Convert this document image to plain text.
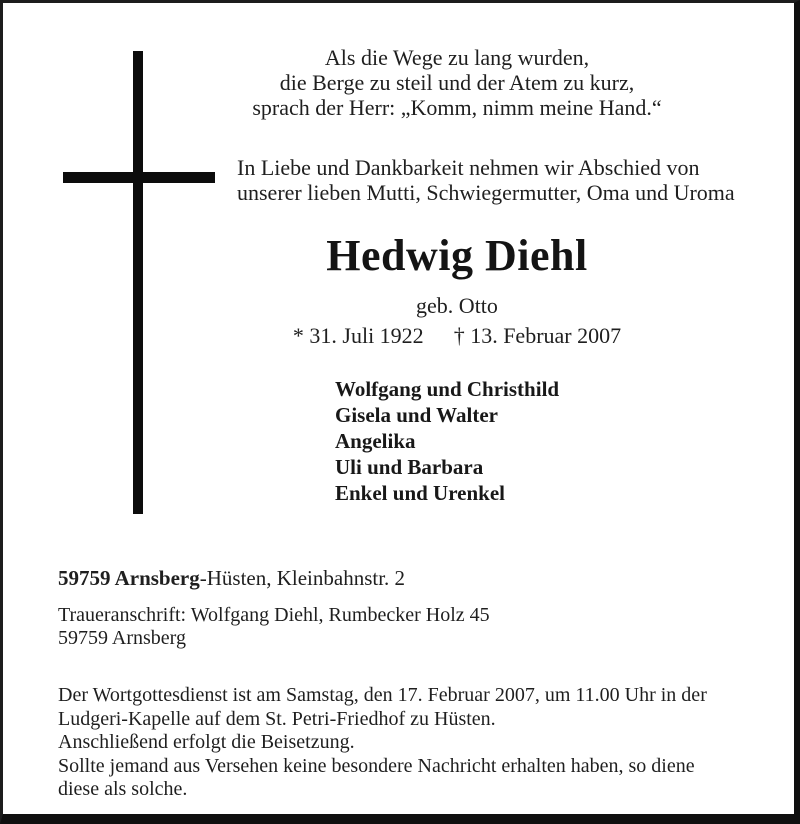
Als die Wege zu lang wurden,
die Berge zu steil und der Atem zu kurz,
sprach der Herr: „Komm, nimm meine Hand.“
In Liebe und Dankbarkeit nehmen wir Abschied von
unserer lieben Mutti, Schwiegermutter, Oma und Uroma
Hedwig Diehl
geb. Otto
* 31. Juli 1922 † 13. Februar 2007
Wolfgang und Christhild
Gisela und Walter
Angelika
Uli und Barbara
Enkel und Urenkel
59759 Arnsberg-Hüsten, Kleinbahnstr. 2
Traueranschrift: Wolfgang Diehl, Rumbecker Holz 45
59759 Arnsberg
Der Wortgottesdienst ist am Samstag, den 17. Februar 2007, um 11.00 Uhr in der
Ludgeri-Kapelle auf dem St. Petri-Friedhof zu Hüsten.
Anschließend erfolgt die Beisetzung.
Sollte jemand aus Versehen keine besondere Nachricht erhalten haben, so diene
diese als solche.
